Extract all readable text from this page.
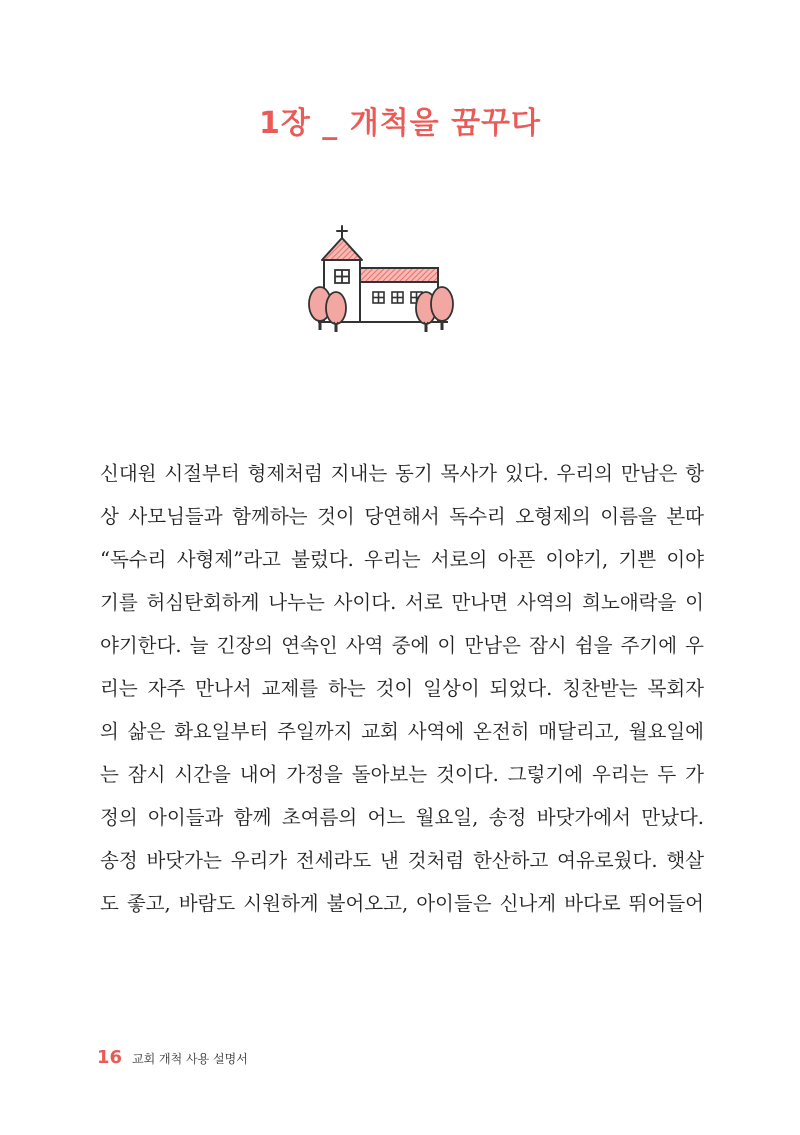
1장 _ 개척을 꿈꾸다
신대원 시절부터 형제처럼 지내는 동기 목사가 있다. 우리의 만남은 항
상 사모님들과 함께하는 것이 당연해서 독수리 오형제의 이름을 본따
“독수리 사형제”라고 불렀다. 우리는 서로의 아픈 이야기, 기쁜 이야
기를 허심탄회하게 나누는 사이다. 서로 만나면 사역의 희노애락을 이
야기한다. 늘 긴장의 연속인 사역 중에 이 만남은 잠시 쉼을 주기에 우
리는 자주 만나서 교제를 하는 것이 일상이 되었다. 칭찬받는 목회자
의 삶은 화요일부터 주일까지 교회 사역에 온전히 매달리고, 월요일에
는 잠시 시간을 내어 가정을 돌아보는 것이다. 그렇기에 우리는 두 가
정의 아이들과 함께 초여름의 어느 월요일, 송정 바닷가에서 만났다.
송정 바닷가는 우리가 전세라도 낸 것처럼 한산하고 여유로웠다. 햇살
도 좋고, 바람도 시원하게 불어오고, 아이들은 신나게 바다로 뛰어들어
16 교회 개척 사용 설명서
